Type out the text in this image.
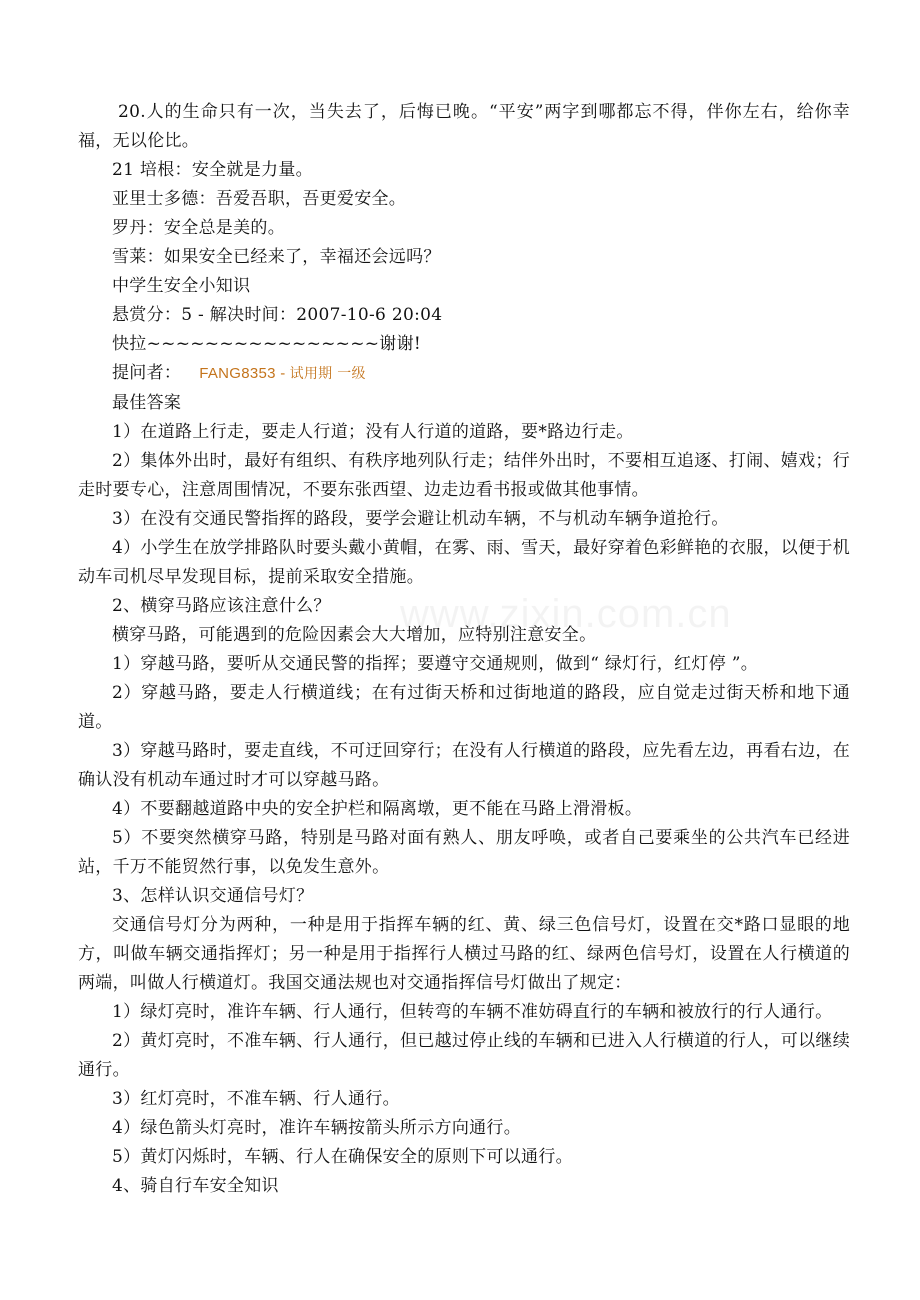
20.人的生命只有一次，当失去了，后悔已晚。“平安”两字到哪都忘不得，伴你左右，给你幸福，无以伦比。

21 培根：安全就是力量。

亚里士多德：吾爱吾职，吾更爱安全。

罗丹：安全总是美的。

雪莱：如果安全已经来了，幸福还会远吗？

中学生安全小知识

悬赏分：5 - 解决时间：2007-10-6 20:04

快拉~~~~~~~~~~~~~~~~谢谢!

提问者： FANG8353 - 试用期 一级

最佳答案

1）在道路上行走，要走人行道；没有人行道的道路，要*路边行走。

2）集体外出时，最好有组织、有秩序地列队行走；结伴外出时，不要相互追逐、打闹、嬉戏；行走时要专心，注意周围情况，不要东张西望、边走边看书报或做其他事情。

3）在没有交通民警指挥的路段，要学会避让机动车辆，不与机动车辆争道抢行。

4）小学生在放学排路队时要头戴小黄帽，在雾、雨、雪天，最好穿着色彩鲜艳的衣服，以便于机动车司机尽早发现目标，提前采取安全措施。

2、横穿马路应该注意什么？

横穿马路，可能遇到的危险因素会大大增加，应特别注意安全。

1）穿越马路，要听从交通民警的指挥；要遵守交通规则，做到“ 绿灯行，红灯停 ”。

2）穿越马路，要走人行横道线；在有过街天桥和过街地道的路段，应自觉走过街天桥和地下通道。

3）穿越马路时，要走直线，不可迂回穿行；在没有人行横道的路段，应先看左边，再看右边，在确认没有机动车通过时才可以穿越马路。

4）不要翻越道路中央的安全护栏和隔离墩，更不能在马路上滑滑板。

5）不要突然横穿马路，特别是马路对面有熟人、朋友呼唤，或者自己要乘坐的公共汽车已经进站，千万不能贸然行事，以免发生意外。

3、怎样认识交通信号灯？

交通信号灯分为两种，一种是用于指挥车辆的红、黄、绿三色信号灯，设置在交*路口显眼的地方，叫做车辆交通指挥灯；另一种是用于指挥行人横过马路的红、绿两色信号灯，设置在人行横道的两端，叫做人行横道灯。我国交通法规也对交通指挥信号灯做出了规定：

1）绿灯亮时，准许车辆、行人通行，但转弯的车辆不准妨碍直行的车辆和被放行的行人通行。

2）黄灯亮时，不准车辆、行人通行，但已越过停止线的车辆和已进入人行横道的行人，可以继续通行。

3）红灯亮时，不准车辆、行人通行。

4）绿色箭头灯亮时，准许车辆按箭头所示方向通行。

5）黄灯闪烁时，车辆、行人在确保安全的原则下可以通行。

4、骑自行车安全知识
